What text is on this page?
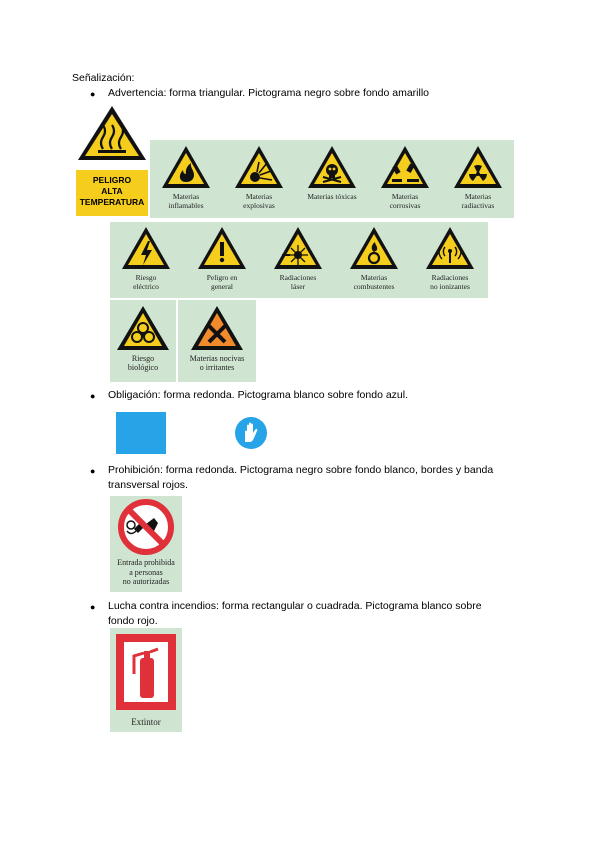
Señalización:
● Advertencia: forma triangular. Pictograma negro sobre fondo amarillo
PELIGRO
ALTA
TEMPERATURA
Materias
inflamables
Materias
explosivas
Materias tóxicas	Materias
corrosivas
Materias
radiactivas
Riesgo
eléctrico
Peligro en
general
Radiaciones
láser
Materias
combustentes
Radiaciones
no ionizantes
Riesgo
biológico
Materias nocivas
o irritantes
● Obligación: forma redonda. Pictograma blanco sobre fondo azul.
● Prohibición: forma redonda. Pictograma negro sobre fondo blanco, bordes y banda
transversal rojos.
Entrada prohibida
a personas
no autorizadas
● Lucha contra incendios: forma rectangular o cuadrada. Pictograma blanco sobre
fondo rojo.
Extintor
